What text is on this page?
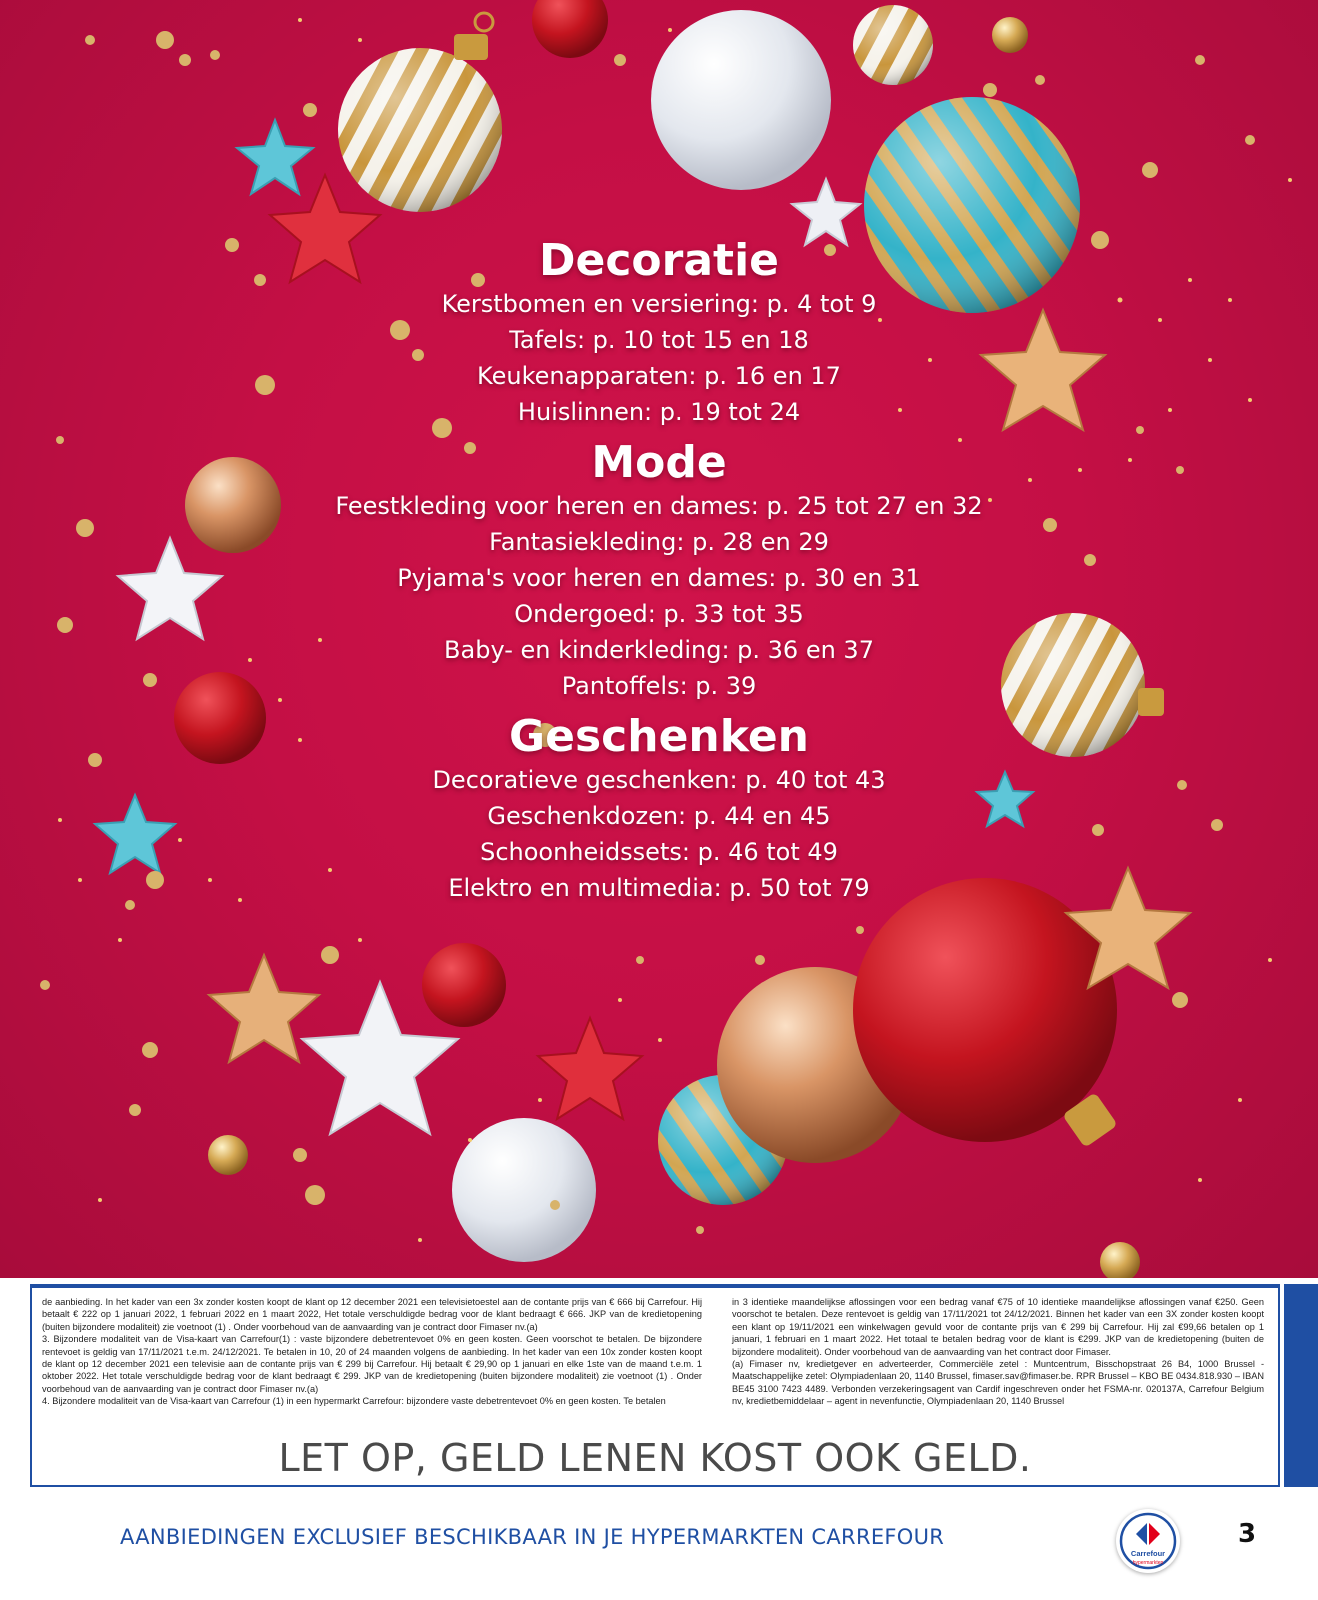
Decoratie
Kerstbomen en versiering: p. 4 tot 9
Tafels: p. 10 tot 15 en 18
Keukenapparaten: p. 16 en 17
Huislinnen: p. 19 tot 24
Mode
Feestkleding voor heren en dames: p. 25 tot 27 en 32
Fantasiekleding: p. 28 en 29
Pyjama's voor heren en dames: p. 30 en 31
Ondergoed: p. 33 tot 35
Baby- en kinderkleding: p. 36 en 37
Pantoffels: p. 39
Geschenken
Decoratieve geschenken: p. 40 tot 43
Geschenkdozen: p. 44 en 45
Schoonheidssets: p. 46 tot 49
Elektro en multimedia: p. 50 tot 79

de aanbieding. In het kader van een 3x zonder kosten koopt de klant op 12 december 2021 een televisietoestel aan de contante prijs van € 666 bij Carrefour. Hij betaalt € 222 op 1 januari 2022, 1 februari 2022 en 1 maart 2022, Het totale verschuldigde bedrag voor de klant bedraagt € 666. JKP van de kredietopening (buiten bijzondere modaliteit) zie voetnoot (1) . Onder voorbehoud van de aanvaarding van je contract door Fimaser nv.(a)

3. Bijzondere modaliteit van de Visa-kaart van Carrefour(1) : vaste bijzondere debetrentevoet 0% en geen kosten. Geen voorschot te betalen. De bijzondere rentevoet is geldig van 17/11/2021 t.e.m. 24/12/2021. Te betalen in 10, 20 of 24 maanden volgens de aanbieding. In het kader van een 10x zonder kosten koopt de klant op 12 december 2021 een televisie aan de contante prijs van € 299 bij Carrefour. Hij betaalt € 29,90 op 1 januari en elke 1ste van de maand t.e.m. 1 oktober 2022. Het totale verschuldigde bedrag voor de klant bedraagt € 299. JKP van de kredietopening (buiten bijzondere modaliteit) zie voetnoot (1) . Onder voorbehoud van de aanvaarding van je contract door Fimaser nv.(a)

4. Bijzondere modaliteit van de Visa-kaart van Carrefour (1) in een hypermarkt Carrefour: bijzondere vaste debetrentevoet 0% en geen kosten. Te betalen

in 3 identieke maandelijkse aflossingen voor een bedrag vanaf €75 of 10 identieke maandelijkse aflossingen vanaf €250. Geen voorschot te betalen. Deze rentevoet is geldig van 17/11/2021 tot 24/12/2021. Binnen het kader van een 3X zonder kosten koopt een klant op 19/11/2021 een winkelwagen gevuld voor de contante prijs van € 299 bij Carrefour. Hij zal €99,66 betalen op 1 januari, 1 februari en 1 maart 2022. Het totaal te betalen bedrag voor de klant is €299. JKP van de kredietopening (buiten de bijzondere modaliteit). Onder voorbehoud van de aanvaarding van het contract door Fimaser.

(a) Fimaser nv, kredietgever en adverteerder, Commerciële zetel : Muntcentrum, Bisschopstraat 26 B4, 1000 Brussel - Maatschappelijke zetel: Olympiadenlaan 20, 1140 Brussel, fimaser.sav@fimaser.be. RPR Brussel – KBO BE 0434.818.930 – IBAN BE45 3100 7423 4489. Verbonden verzekeringsagent van Cardif ingeschreven onder het FSMA-nr. 020137A, Carrefour Belgium nv, kredietbemiddelaar – agent in nevenfunctie, Olympiadenlaan 20, 1140 Brussel

LET OP, GELD LENEN KOST OOK GELD.
AANBIEDINGEN EXCLUSIEF BESCHIKBAAR IN JE HYPERMARKTEN CARREFOUR
Carrefour
hypermarkten
3
